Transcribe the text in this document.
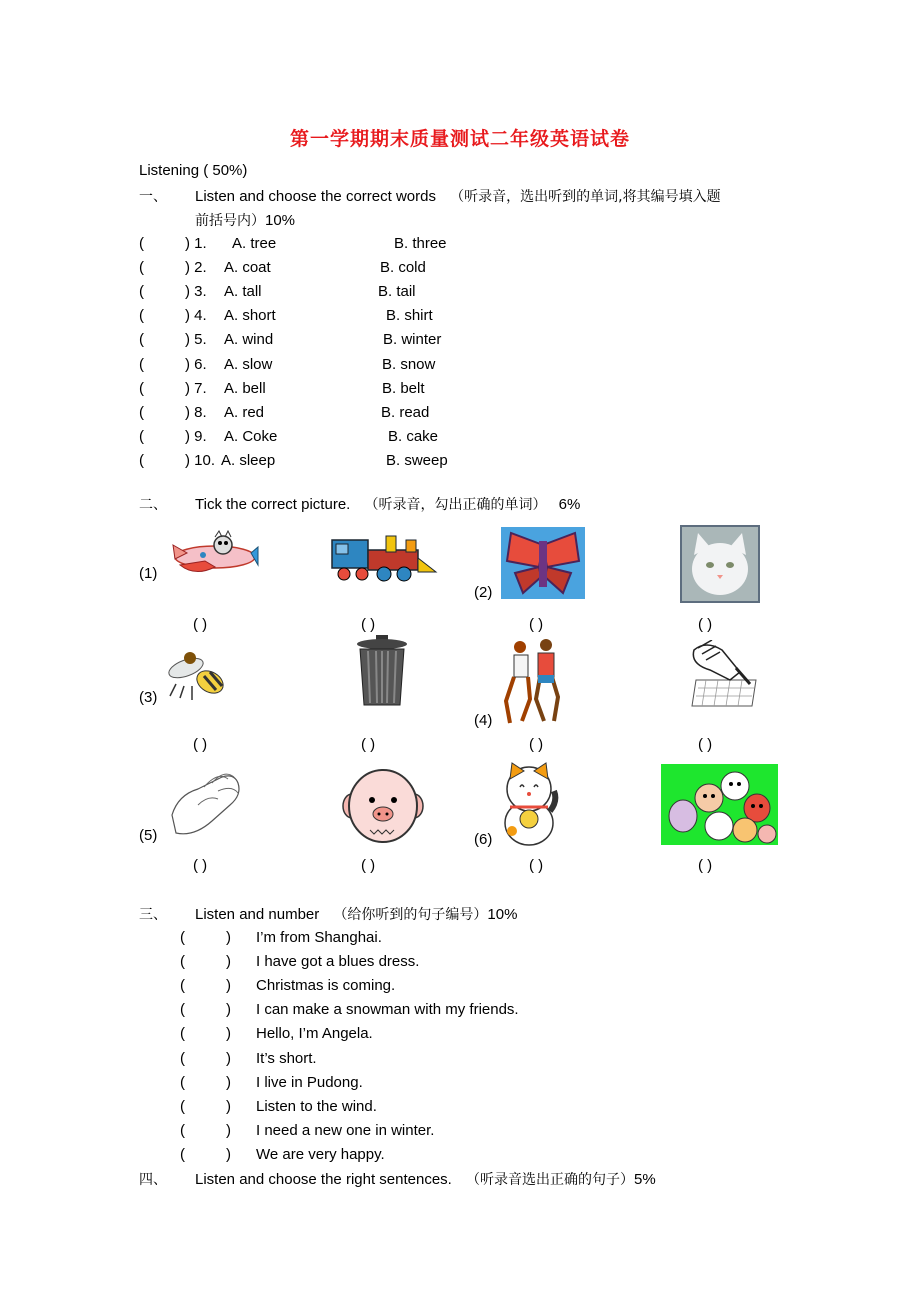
第一学期期末质量测试二年级英语试卷
Listening ( 50%)
一、 Listen and choose the correct words （听录音，选出听到的单词,将其编号填入题
前括号内）10%
(	) 1. A. tree	B. three
(	) 2. A. coat	B. cold
(	) 3. A. tall	B. tail
(	) 4. A. short	B. shirt
(	) 5. A. wind	B. winter
(	) 6. A. slow	B. snow
(	) 7. A. bell	B. belt
(	) 8. A. red	B. read
(	) 9. A. Coke	B. cake
(	) 10. A. sleep	B. sweep
二、 Tick the correct picture. （听录音，勾出正确的单词） 6%
(1)
(2)
(3)
(4)
(5)	(6)
( )	( )	( )	( )
( )	( )	( )	( )
( )	( )	( )	( )
三、 Listen and number （给你听到的句子编号）10%
(	) I’m from Shanghai.
(	) I have got a blues dress.
(	) Christmas is coming.
(	) I can make a snowman with my friends.
(	) Hello, I’m Angela.
(	) It’s short.
(	) I live in Pudong.
(	) Listen to the wind.
(	) I need a new one in winter.
(	) We are very happy.
四、 Listen and choose the right sentences. （听录音选出正确的句子）5%
